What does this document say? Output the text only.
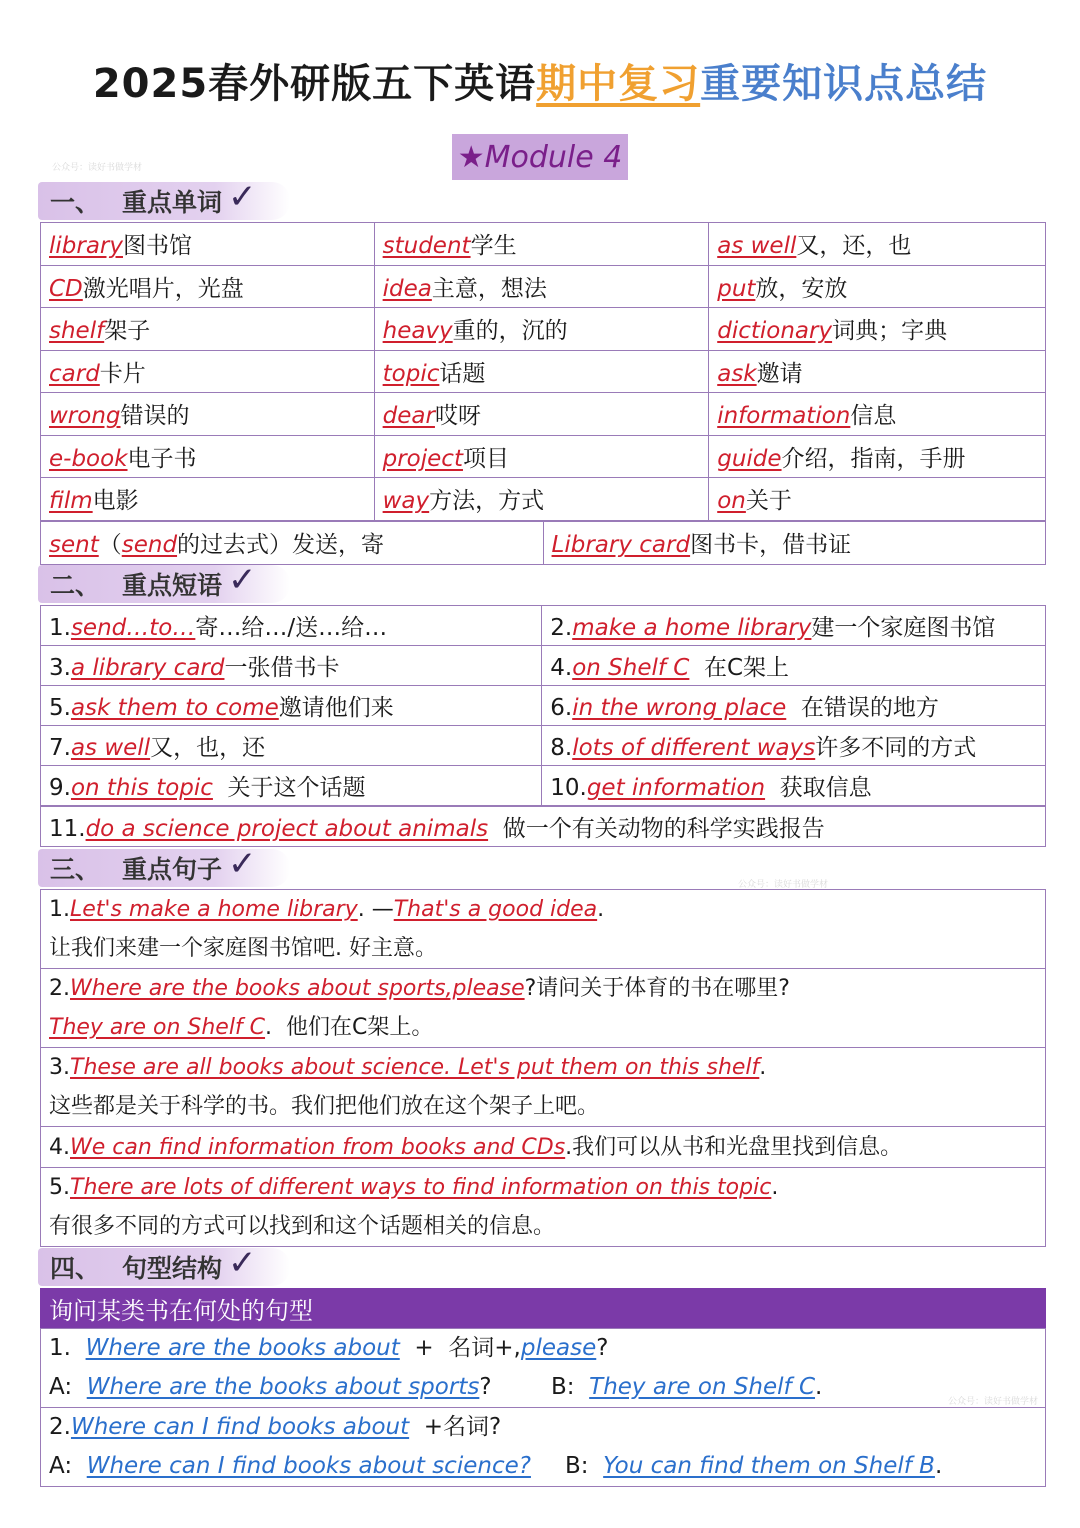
2025春外研版五下英语期中复习重要知识点总结
公众号：读好书做学材
公众号：读好书做学材
公众号：读好书做学材
★Module 4
一、 重点单词 ✓
library图书馆	student学生	as well又，还，也
CD激光唱片，光盘	idea主意，想法	put放，安放
shelf架子	heavy重的，沉的	dictionary词典；字典
card卡片	topic话题	ask邀请
wrong错误的	dear哎呀	information信息
e-book电子书	project项目	guide介绍，指南，手册
film电影	way方法，方式	on关于

sent（send的过去式）发送，寄	Library card图书卡，借书证
二、 重点短语 ✓
1.send…to…寄…给…/送…给…	2.make a home library建一个家庭图书馆
3.a library card一张借书卡	4.on Shelf C  在C架上
5.ask them to come邀请他们来	6.in the wrong place  在错误的地方
7.as well又，也，还	8.lots of different ways许多不同的方式
9.on this topic  关于这个话题	10.get information  获取信息
11.do a science project about animals  做一个有关动物的科学实践报告
三、 重点句子 ✓
1.Let's make a home library. —That's a good idea.
让我们来建一个家庭图书馆吧. 好主意。

2.Where are the books about sports,please?请问关于体育的书在哪里?
They are on Shelf C.  他们在C架上。

3.These are all books about science. Let's put them on this shelf.
这些都是关于科学的书。我们把他们放在这个架子上吧。

4.We can find information from books and CDs.我们可以从书和光盘里找到信息。

5.There are lots of different ways to find information on this topic.
有很多不同的方式可以找到和这个话题相关的信息。
四、 句型结构 ✓
询问某类书在何处的句型
1. Where are the books about  +  名词+,please?
A: Where are the books about sports?	B: They are on Shelf C.

2.Where can I find books about  +名词?
A: Where can I find books about science? B: You can find them on Shelf B.
